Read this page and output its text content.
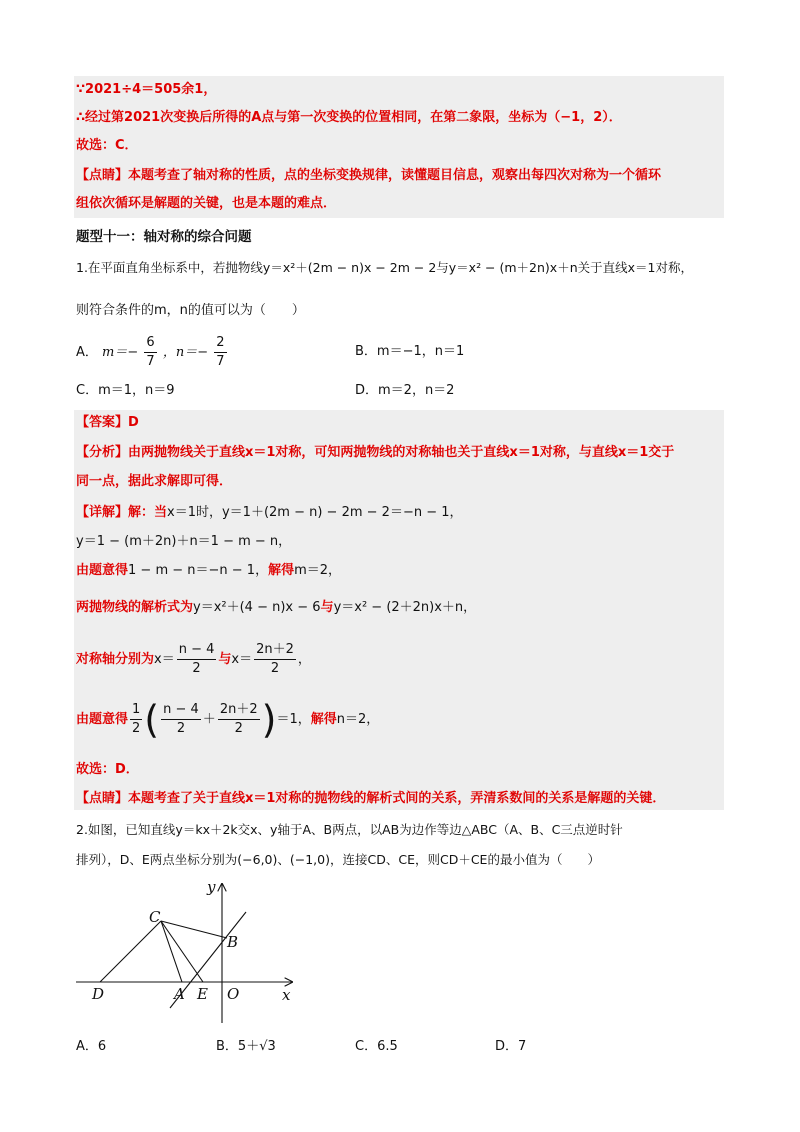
∵2021÷4＝505余1，
∴经过第2021次变换后所得的A点与第一次变换的位置相同，在第二象限，坐标为（−1，2）．
故选：C．
【点睛】本题考查了轴对称的性质，点的坐标变换规律，读懂题目信息，观察出每四次对称为一个循环
组依次循环是解题的关键，也是本题的难点．
题型十一：轴对称的综合问题
1.在平面直角坐标系中，若抛物线y＝x²＋(2m − n)x − 2m − 2与y＝x² − (m＋2n)x＋n关于直线x＝1对称，
则符合条件的m，n的值可以为（　　）
A． $m=- \frac{6}{7}$ ，$n=- \frac{2}{7}$	B．m＝−1，n＝1
C．m＝1，n＝9	D．m＝2，n＝2
【答案】D
【分析】由两抛物线关于直线x＝1对称，可知两抛物线的对称轴也关于直线x＝1对称，与直线x＝1交于
同一点，据此求解即可得．
【详解】解：当x＝1时，y＝1＋(2m − n) − 2m − 2＝−n − 1，
y＝1 − (m＋2n)＋n＝1 − m − n，
由题意得1 − m − n＝−n − 1，解得m＝2，
两抛物线的解析式为y＝x²＋(4 − n)x − 6与y＝x² − (2＋2n)x＋n，
对称轴分别为$x= \frac{n - 4}{2}$ 与$x= \frac{2n+2}{2}$ ，
由题意得 $\frac{1}{2}$ ( $\frac{n - 4}{2} + \frac{2n+2}{2} )=1$，解得n＝2，
故选：D．
【点睛】本题考查了关于直线x＝1对称的抛物线的解析式间的关系，弄清系数间的关系是解题的关键．
2.如图，已知直线y＝kx＋2k交x、y轴于A、B两点，以AB为边作等边△ABC（A、B、C三点逆时针
排列），D、E两点坐标分别为(−6,0)、(−1,0)，连接CD、CE，则CD＋CE的最小值为（　　）
y
x
C
B
D	A E O
A．6	B．5＋√3	C．6.5	D．7
